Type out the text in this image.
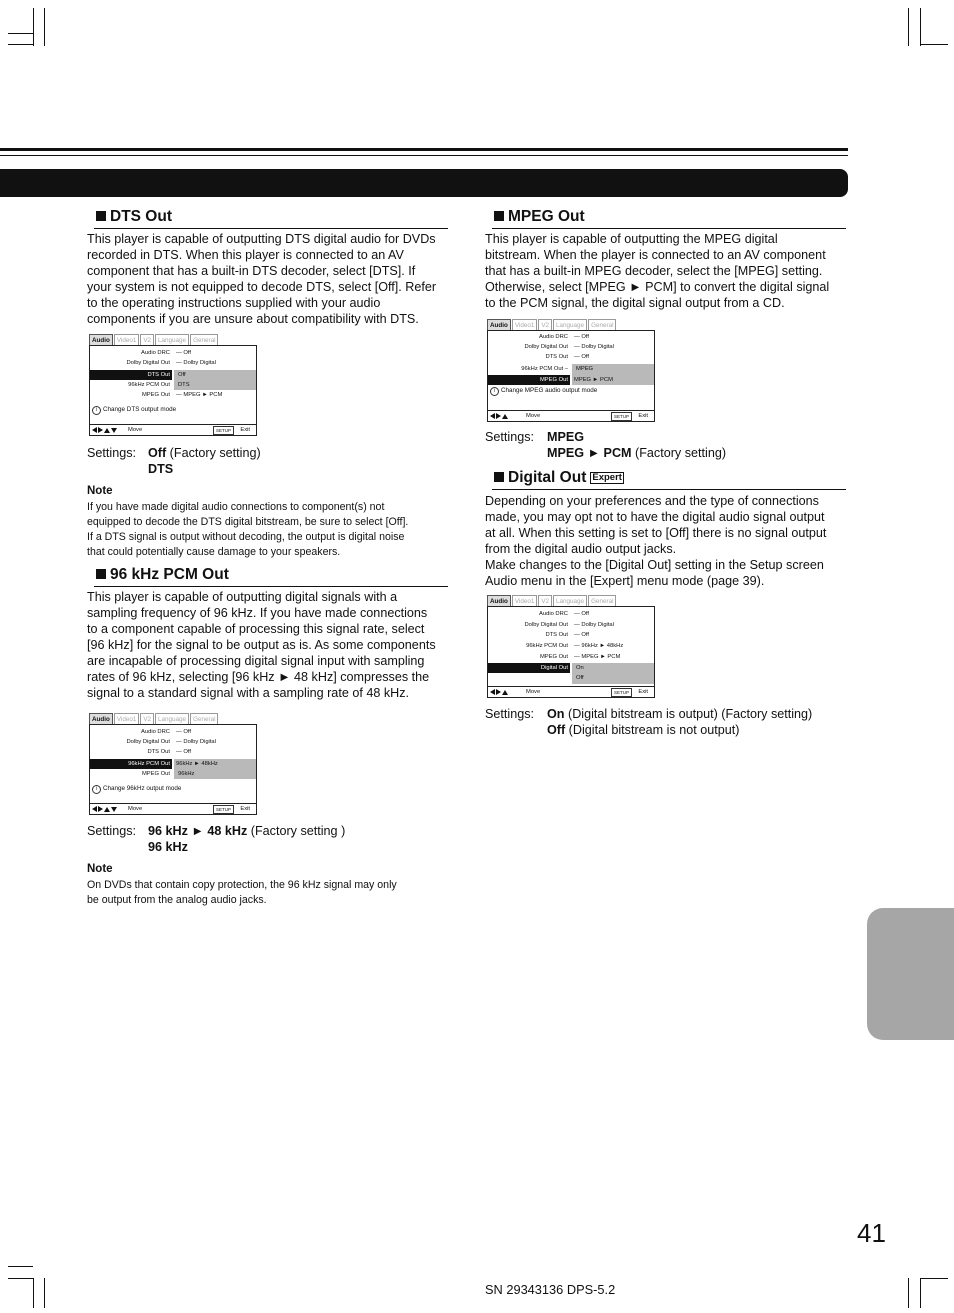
DTS Out
This player is capable of outputting DTS digital audio for DVDs
recorded in DTS. When this player is connected to an AV
component that has a built-in DTS decoder, select [DTS]. If
your system is not equipped to decode DTS, select [Off]. Refer
to the operating instructions supplied with your audio
components if you are unsure about compatibility with DTS.
Audio	Video1	V2	Language	General
Audio DRC — Off
Dolby Digital Out — Dolby Digital
DTS Out Off
96kHz PCM Out DTS
MPEG Out — MPEG ► PCM
i Change DTS output mode
Move	SETUP	Exit
Settings: Off (Factory setting)
DTS
Note
If you have made digital audio connections to component(s) not
equipped to decode the DTS digital bitstream, be sure to select [Off].
If a DTS signal is output without decoding, the output is digital noise
that could potentially cause damage to your speakers.
96 kHz PCM Out
This player is capable of outputting digital signals with a
sampling frequency of 96 kHz. If you have made connections
to a component capable of processing this signal rate, select
[96 kHz] for the signal to be output as is. As some components
are incapable of processing digital signal input with sampling
rates of 96 kHz, selecting [96 kHz ► 48 kHz] compresses the
signal to a standard signal with a sampling rate of 48 kHz.
Audio	Video1	V2	Language	General
Audio DRC — Off
Dolby Digital Out — Dolby Digital
DTS Out — Off
96kHz PCM Out 96kHz ► 48kHz
MPEG Out 96kHz
i Change 96kHz output mode
Move	SETUP	Exit
Settings: 96 kHz ► 48 kHz (Factory setting )
96 kHz
Note
On DVDs that contain copy protection, the 96 kHz signal may only
be output from the analog audio jacks.
MPEG Out
This player is capable of outputting the MPEG digital
bitstream. When the player is connected to an AV component
that has a built-in MPEG decoder, select the [MPEG] setting.
Otherwise, select [MPEG ► PCM] to convert the digital signal
to the PCM signal, the digital signal output from a CD.
Audio	Video1	V2	Language	General
Audio DRC — Off
Dolby Digital Out — Dolby Digital
DTS Out — Off
96kHz PCM Out – MPEG
MPEG Out MPEG ► PCM
i Change MPEG audio output mode
Move	SETUP	Exit
Settings: MPEG
MPEG ► PCM (Factory setting)
Digital Out Expert
Depending on your preferences and the type of connections
made, you may opt not to have the digital audio signal output
at all. When this setting is set to [Off] there is no signal output
from the digital audio output jacks.
Make changes to the [Digital Out] setting in the Setup screen
Audio menu in the [Expert] menu mode (page 39).
Audio	Video1	V2	Language	General
Audio DRC — Off
Dolby Digital Out — Dolby Digital
DTS Out — Off
96kHz PCM Out — 96kHz ► 48kHz
MPEG Out — MPEG ► PCM
Digital Out On
Off
Move	SETUP	Exit
Settings: On (Digital bitstream is output) (Factory setting)
Off (Digital bitstream is not output)
41
SN 29343136 DPS-5.2
